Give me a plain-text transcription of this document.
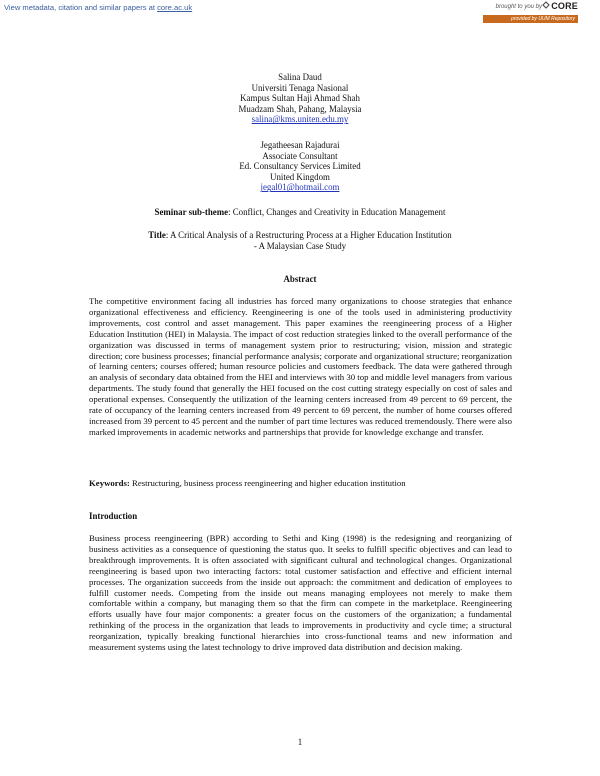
View metadata, citation and similar papers at core.ac.uk	brought to you by CORE
provided by UUM Repository
Salina Daud
Universiti Tenaga Nasional
Kampus Sultan Haji Ahmad Shah
Muadzam Shah, Pahang, Malaysia
salina@kms.uniten.edu.my
Jegatheesan Rajadurai
Associate Consultant
Ed. Consultancy Services Limited
United Kingdom
jegal01@hotmail.com
Seminar sub-theme: Conflict, Changes and Creativity in Education Management
Title: A Critical Analysis of a Restructuring Process at a Higher Education Institution
- A Malaysian Case Study
Abstract

The competitive environment facing all industries has forced many organizations to choose strategies that enhance organizational effectiveness and efficiency. Reengineering is one of the tools used in administering productivity improvements, cost control and asset management. This paper examines the reengineering process of a Higher Education Institution (HEI) in Malaysia. The impact of cost reduction strategies linked to the overall performance of the organization was discussed in terms of management system prior to restructuring; vision, mission and strategic direction; core business processes; financial performance analysis; corporate and organizational structure; reorganization of learning centers; courses offered; human resource policies and customers feedback. The data were gathered through an analysis of secondary data obtained from the HEI and interviews with 30 top and middle level managers from various departments. The study found that generally the HEI focused on the cost cutting strategy especially on cost of sales and operational expenses. Consequently the utilization of the learning centers increased from 49 percent to 69 percent, the rate of occupancy of the learning centers increased from 49 percent to 69 percent, the number of home courses offered increased from 39 percent to 45 percent and the number of part time lectures was reduced tremendously. There were also marked improvements in academic networks and partnerships that provide for knowledge exchange and transfer.

Keywords: Restructuring, business process reengineering and higher education institution

Introduction

Business process reengineering (BPR) according to Sethi and King (1998) is the redesigning and reorganizing of business activities as a consequence of questioning the status quo. It seeks to fulfill specific objectives and can lead to breakthrough improvements. It is often associated with significant cultural and technological changes. Organizational reengineering is based upon two interacting factors: total customer satisfaction and effective and efficient internal processes. The organization succeeds from the inside out approach: the commitment and dedication of employees to fulfill customer needs. Competing from the inside out means managing employees not merely to make them comfortable within a company, but managing them so that the firm can compete in the marketplace. Reengineering efforts usually have four major components: a greater focus on the customers of the organization; a fundamental rethinking of the process in the organization that leads to improvements in productivity and cycle time; a structural reorganization, typically breaking functional hierarchies into cross-functional teams and new information and measurement systems using the latest technology to drive improved data distribution and decision making.

1
